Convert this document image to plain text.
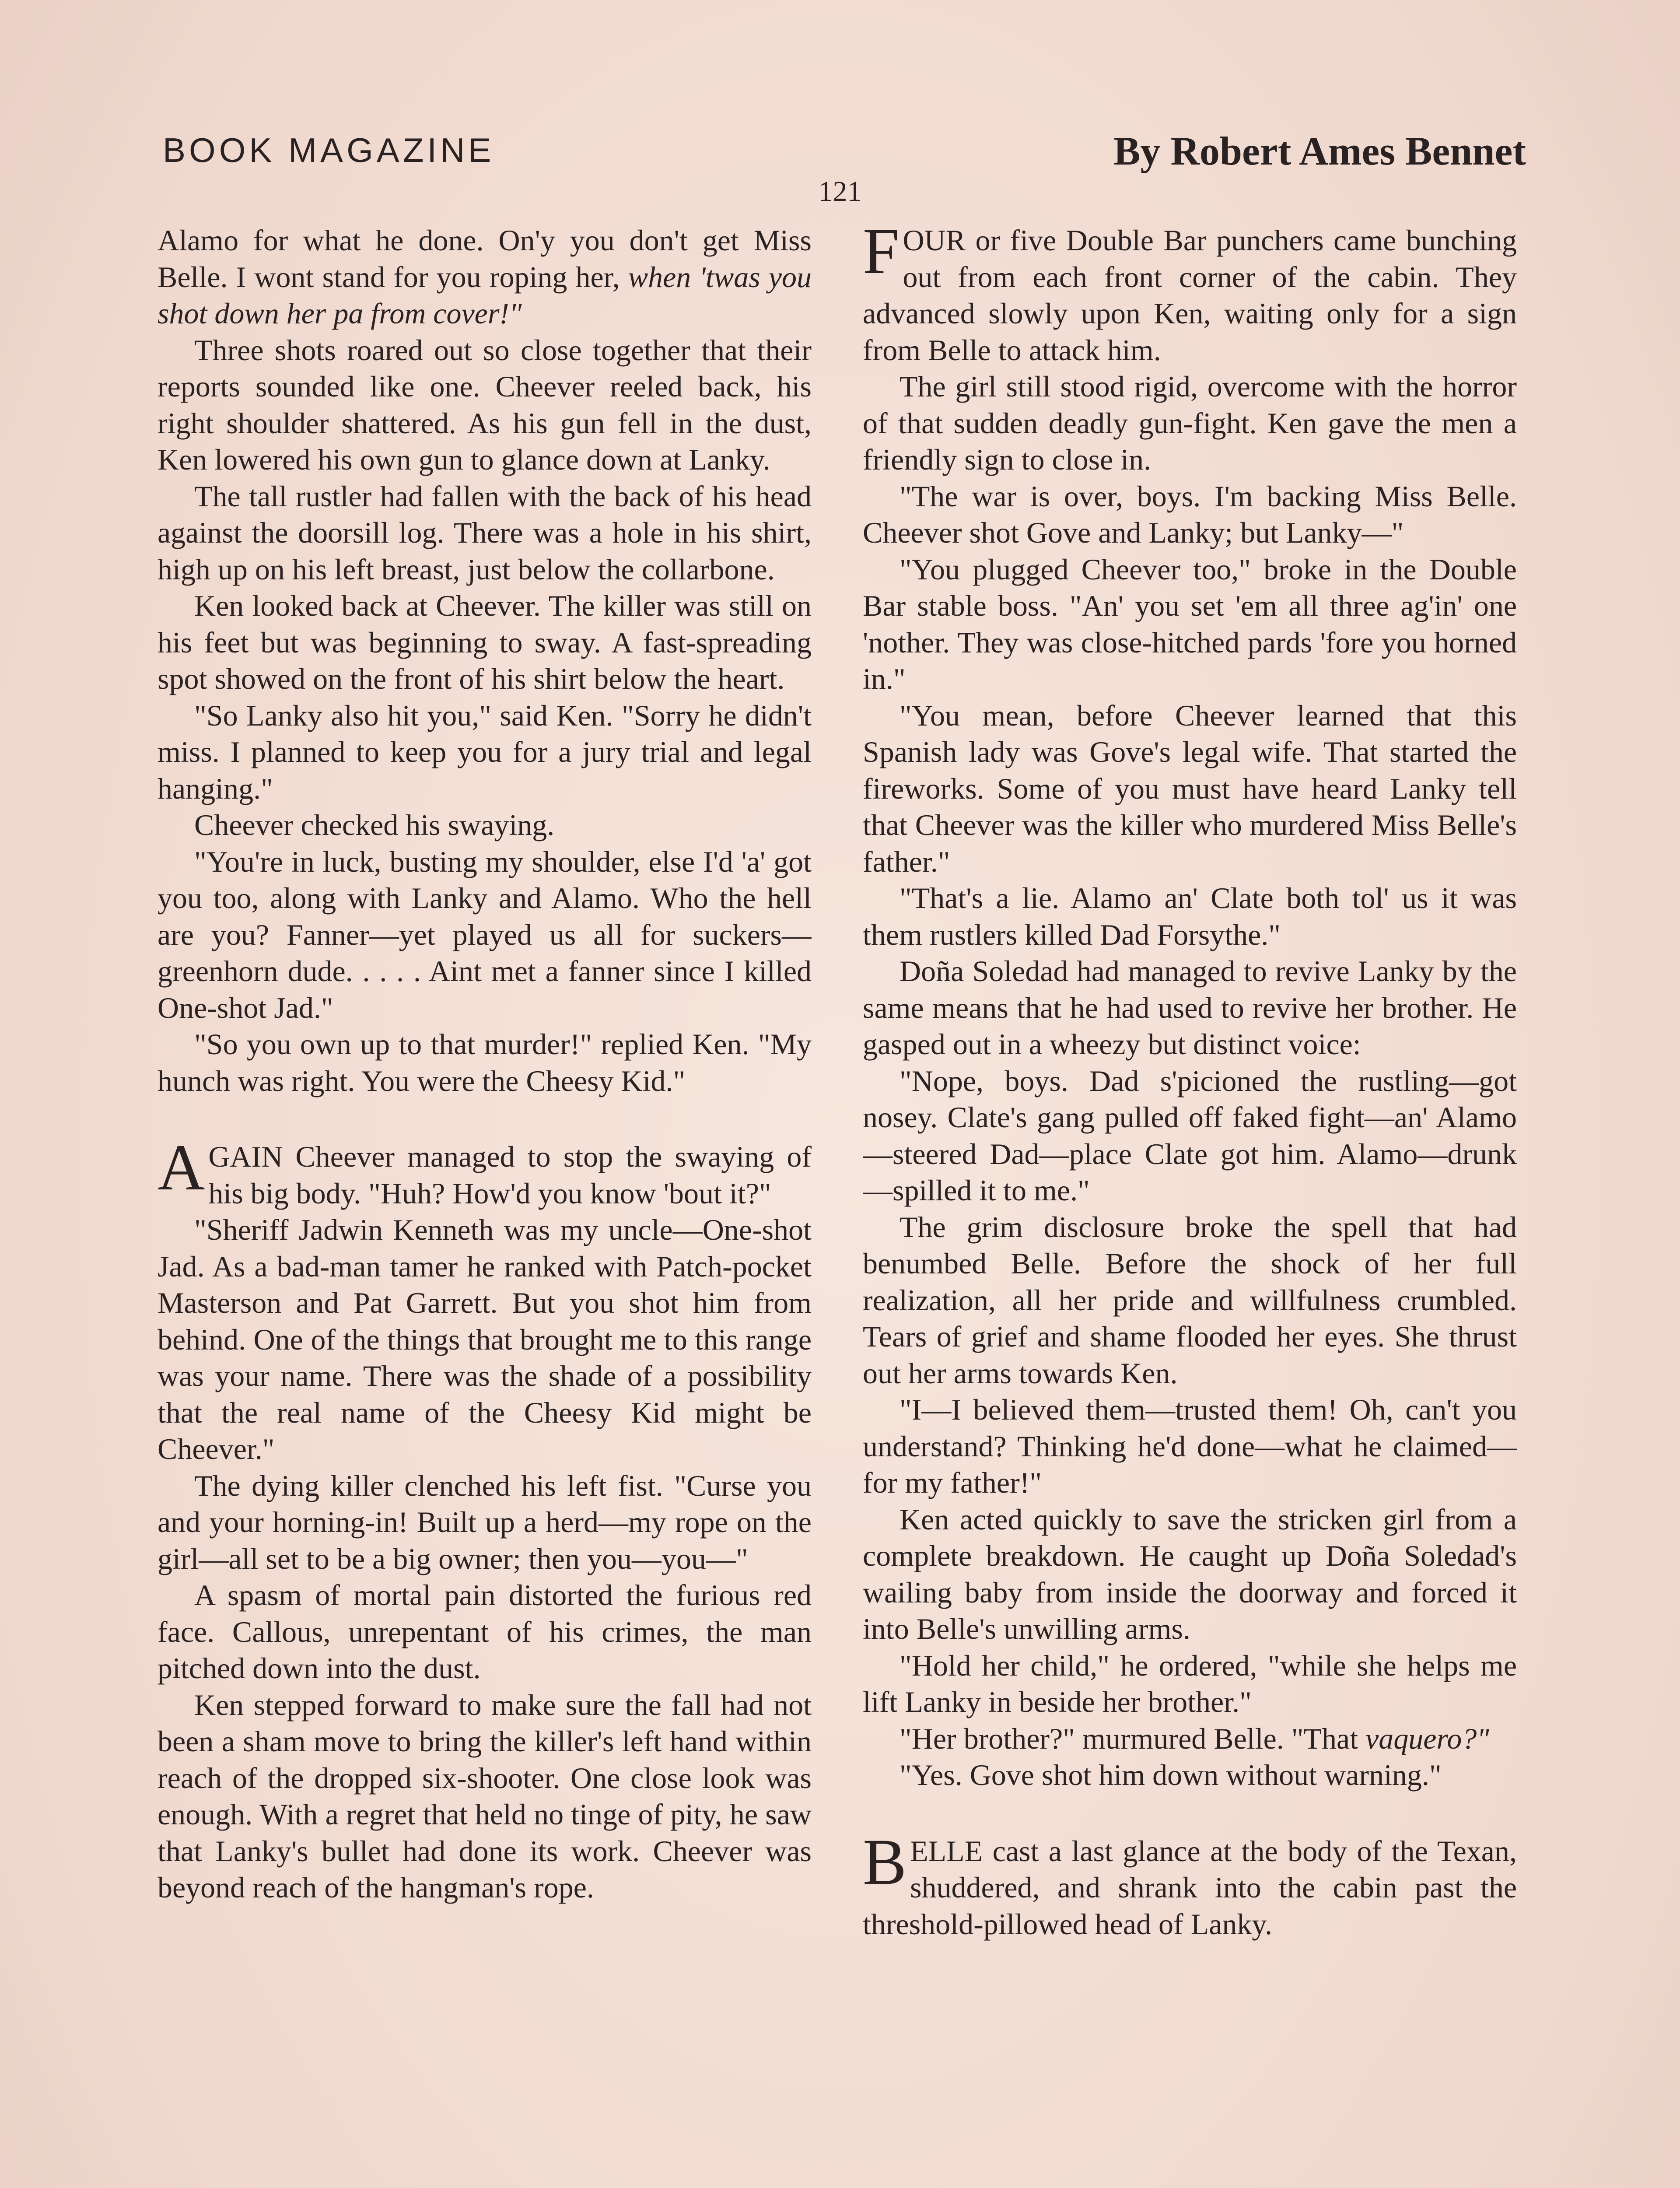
BOOK MAGAZINE	By Robert Ames Bennet
121

Alamo for what he done. On'y you don't get Miss Belle. I wont stand for you roping her, when 'twas you shot down her pa from cover!"

Three shots roared out so close together that their reports sounded like one. Cheever reeled back, his right shoulder shattered. As his gun fell in the dust, Ken lowered his own gun to glance down at Lanky.

The tall rustler had fallen with the back of his head against the doorsill log. There was a hole in his shirt, high up on his left breast, just below the collarbone.

Ken looked back at Cheever. The killer was still on his feet but was beginning to sway. A fast-spreading spot showed on the front of his shirt below the heart.

"So Lanky also hit you," said Ken. "Sorry he didn't miss. I planned to keep you for a jury trial and legal hanging."

Cheever checked his swaying.

"You're in luck, busting my shoulder, else I'd 'a' got you too, along with Lanky and Alamo. Who the hell are you? Fanner—yet played us all for suckers—greenhorn dude. . . . . Aint met a fanner since I killed One-shot Jad."

"So you own up to that murder!" replied Ken. "My hunch was right. You were the Cheesy Kid."

AGAIN Cheever managed to stop the swaying of his big body. "Huh? How'd you know 'bout it?"

"Sheriff Jadwin Kenneth was my uncle—One-shot Jad. As a bad-man tamer he ranked with Patch-pocket Masterson and Pat Garrett. But you shot him from behind. One of the things that brought me to this range was your name. There was the shade of a possibility that the real name of the Cheesy Kid might be Cheever."

The dying killer clenched his left fist. "Curse you and your horning-in! Built up a herd—my rope on the girl—all set to be a big owner; then you—you—"

A spasm of mortal pain distorted the furious red face. Callous, unrepentant of his crimes, the man pitched down into the dust.

Ken stepped forward to make sure the fall had not been a sham move to bring the killer's left hand within reach of the dropped six-shooter. One close look was enough. With a regret that held no tinge of pity, he saw that Lanky's bullet had done its work. Cheever was beyond reach of the hangman's rope.

FOUR or five Double Bar punchers came bunching out from each front corner of the cabin. They advanced slowly upon Ken, waiting only for a sign from Belle to attack him.

The girl still stood rigid, overcome with the horror of that sudden deadly gun-fight. Ken gave the men a friendly sign to close in.

"The war is over, boys. I'm backing Miss Belle. Cheever shot Gove and Lanky; but Lanky—"

"You plugged Cheever too," broke in the Double Bar stable boss. "An' you set 'em all three ag'in' one 'nother. They was close-hitched pards 'fore you horned in."

"You mean, before Cheever learned that this Spanish lady was Gove's legal wife. That started the fireworks. Some of you must have heard Lanky tell that Cheever was the killer who murdered Miss Belle's father."

"That's a lie. Alamo an' Clate both tol' us it was them rustlers killed Dad Forsythe."

Doña Soledad had managed to revive Lanky by the same means that he had used to revive her brother. He gasped out in a wheezy but distinct voice:

"Nope, boys. Dad s'picioned the rustling—got nosey. Clate's gang pulled off faked fight—an' Alamo—steered Dad—place Clate got him. Alamo—drunk—spilled it to me."

The grim disclosure broke the spell that had benumbed Belle. Before the shock of her full realization, all her pride and willfulness crumbled. Tears of grief and shame flooded her eyes. She thrust out her arms towards Ken.

"I—I believed them—trusted them! Oh, can't you understand? Thinking he'd done—what he claimed—for my father!"

Ken acted quickly to save the stricken girl from a complete breakdown. He caught up Doña Soledad's wailing baby from inside the doorway and forced it into Belle's unwilling arms.

"Hold her child," he ordered, "while she helps me lift Lanky in beside her brother."

"Her brother?" murmured Belle. "That vaquero?"

"Yes. Gove shot him down without warning."

BELLE cast a last glance at the body of the Texan, shuddered, and shrank into the cabin past the threshold-pillowed head of Lanky.
